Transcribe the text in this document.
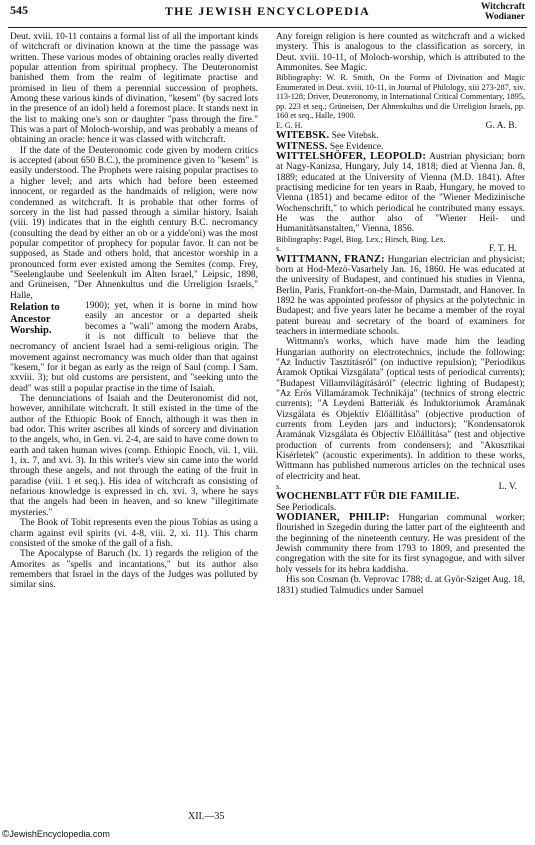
545	THE JEWISH ENCYCLOPEDIA	Witchcraft
Wodianer

Deut. xviii. 10-11 contains a formal list of all the important kinds of witchcraft or divination known at the time the passage was written. These various modes of obtaining oracles really diverted popular attention from spiritual prophecy. The Deuteronomist banished them from the realm of legitimate practise and promised in lieu of them a perennial succession of prophets. Among these various kinds of divination, "kesem" (by sacred lots in the presence of an idol) held a foremost place. It stands next in the list to making one's son or daughter "pass through the fire." This was a part of Moloch-worship, and was probably a means of obtaining an oracle: hence it was classed with witchcraft.

If the date of the Deuteronomic code given by modern critics is accepted (about 650 B.C.), the prominence given to "kesem" is easily understood. The Prophets were raising popular practises to a higher level; and arts which had before been esteemed innocent, or regarded as the handmaids of religion, were now condemned as witchcraft. It is probable that other forms of sorcery in the list had passed through a similar history. Isaiah (viii. 19) indicates that in the eighth century B.C. necromancy (consulting the dead by either an ob or a yidde'oni) was the most popular competitor of prophecy for popular favor. It can not be supposed, as Stade and others hold, that ancestor worship in a pronounced form ever existed among the Semites (comp. Frey, "Seelenglaube und Seelenkult im Alten Israel," Leipsic, 1898, and Grüneisen, "Der Ahnenkultus und die Urreligion Israels," Halle,

Relation to
Ancestor
Worship.

1900); yet, when it is borne in mind how easily an ancestor or a departed sheik becomes a "wali" among the modern Arabs, it is not difficult to believe that the necromancy of ancient Israel had a semi-religious origin. The movement against necromancy was much older than that against "kesem," for it began as early as the reign of Saul (comp. I Sam. xxviii. 3); but old customs are persistent, and "seeking unto the dead" was still a popular practise in the time of Isaiah.

The denunciations of Isaiah and the Deuteronomist did not, however, annihilate witchcraft. It still existed in the time of the author of the Ethiopic Book of Enoch, although it was then in bad odor. This writer ascribes all kinds of sorcery and divination to the angels, who, in Gen. vi. 2-4, are said to have come down to earth and taken human wives (comp. Ethiopic Enoch, vii. 1, viii. 1, ix. 7, and xvi. 3). In this writer's view sin came into the world through these angels, and not through the eating of the fruit in paradise (viii. 1 et seq.). His idea of witchcraft as consisting of nefarious knowledge is expressed in ch. xvi. 3, where he says that the angels had been in heaven, and so knew "illegitimate mysteries."

The Book of Tobit represents even the pious Tobias as using a charm against evil spirits (vi. 4-8, viii. 2, xi. 11). This charm consisted of the smoke of the gall of a fish.

The Apocalypse of Baruch (lx. 1) regards the religion of the Amorites as "spells and incantations," but its author also remembers that Israel in the days of the Judges was polluted by similar sins.

Any foreign religion is here counted as witchcraft and a wicked mystery. This is analogous to the classification as sorcery, in Deut. xviii. 10-11, of Moloch-worship, which is attributed to the Ammonites. See Magic.

Bibliography: W. R. Smith, On the Forms of Divination and Magic Enumerated in Deut. xviii. 10-11, in Journal of Philology, xiii 273-287, xiv. 113-128; Driver, Deuteronomy, in International Critical Commentary, 1895, pp. 223 et seq.; Grüneisen, Der Ahnenkultus und die Urreligion Israels, pp. 160 et seq., Halle, 1900.

E. G. H.	G. A. B.

WITEBSK. See Vitebsk.

WITNESS. See Evidence.

WITTELSHÖFER, LEOPOLD: Austrian physician; born at Nagy-Kanizsa, Hungary, July 14, 1818; died at Vienna Jan. 8, 1889; educated at the University of Vienna (M.D. 1841). After practising medicine for ten years in Raab, Hungary, he moved to Vienna (1851) and became editor of the "Wiener Medizinische Wochenschrift," to which periodical he contributed many essays. He was the author also of "Wiener Heil- und Humanitätsanstalten," Vienna, 1856.

Bibliography: Pagel, Biog. Lex.; Hirsch, Biog. Lex.

s.	F. T. H.

WITTMANN, FRANZ: Hungarian electrician and physicist; born at Hod-Mezö-Vasarhely Jan. 16, 1860. He was educated at the university of Budapest, and continued his studies in Vienna, Berlin, Paris, Frankfort-on-the-Main, Darmstadt, and Hanover. In 1892 he was appointed professor of physics at the polytechnic in Budapest; and five years later he became a member of the royal patent bureau and secretary of the board of examiners for teachers in intermediate schools.

Wittmann's works, which have made him the leading Hungarian authority on electrotechnics, include the following: "Az Inductiv Tasztításról" (on inductive repulsion); "Periodikus Áramok Optikai Vizsgálata" (optical tests of periodical currents); "Budapest Villamvilágításáról" (electric lighting of Budapest); "Az Erös Villamáramok Technikája" (technics of strong electric currents); "A Leydeni Batteriák és Induktoriumok Áramának Vizsgálata és Objektív Előállítása" (objective production of currents from Leyden jars and inductors); "Kondensatorok Áramának Vizsgálata és Objectív Előállítása" (test and objective production of currents from condensers); and "Akusztikai Kísérletek" (acoustic experiments). In addition to these works, Wittmann has published numerous articles on the technical uses of electricity and heat.

s.	L. V.

WOCHENBLATT FÜR DIE FAMILIE.

See Periodicals.

WODIANER, PHILIP: Hungarian communal worker; flourished in Szegedin during the latter part of the eighteenth and the beginning of the nineteenth century. He was president of the Jewish community there from 1793 to 1809, and presented the congregation with the site for its first synagogue, and with silver holy vessels for its hebra kaddisha.

His son Cosman (b. Veprovac 1788; d. at Györ-Sziget Aug. 18, 1831) studied Talmudics under Samuel

XII.—35
©JewishEncyclopedia.com
